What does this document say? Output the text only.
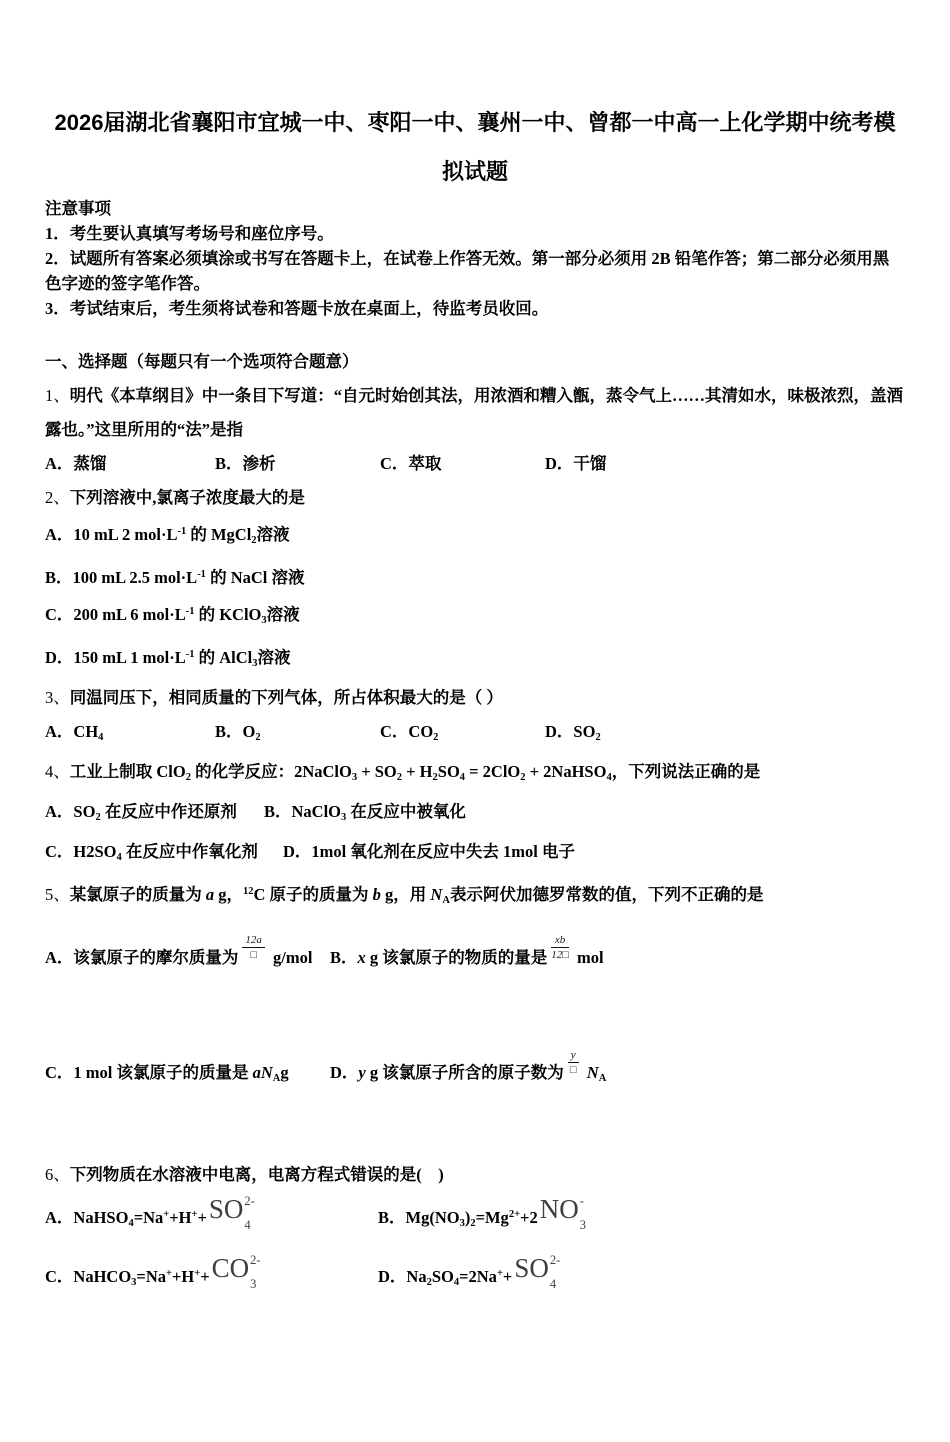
2026届湖北省襄阳市宜城一中、枣阳一中、襄州一中、曾都一中高一上化学期中统考模拟试题
注意事项
1．考生要认真填写考场号和座位序号。
2．试题所有答案必须填涂或书写在答题卡上，在试卷上作答无效。第一部分必须用 2B 铅笔作答；第二部分必须用黑色字迹的签字笔作答。
3．考试结束后，考生须将试卷和答题卡放在桌面上，待监考员收回。
一、选择题（每题只有一个选项符合题意）
1、明代《本草纲目》中一条目下写道：“自元时始创其法，用浓酒和糟入甑，蒸令气上……其清如水，味极浓烈，盖酒露也。”这里所用的“法”是指
A．蒸馏	B．渗析	C．萃取	D．干馏
2、下列溶液中,氯离子浓度最大的是
A．10 mL 2 $mol\cdot L^{-1}$ 的 MgCl$_2$溶液
B．100 mL 2.5 $mol\cdot L^{-1}$ 的 NaCl 溶液
C．200 mL 6 $mol\cdot L^{-1}$ 的 KClO$_3$溶液
D．150 mL 1 $mol\cdot L^{-1}$ 的 AlCl$_3$溶液
3、同温同压下，相同质量的下列气体，所占体积最大的是（ ）
A．CH4	B．O2	C．CO2	D．SO2
4、工业上制取 ClO$_2$ 的化学反应：2NaClO$_3$ + $SO_2 + H_2SO_4 = 2ClO_2$ + 2NaHSO$_4$，下列说法正确的是
A．$SO_2$ 在反应中作还原剂 B．NaClO$_3$ 在反应中被氧化
C．$H2SO_4$ 在反应中作氧化剂 D．1mol 氧化剂在反应中失去 1mol 电子
5、某氯原子的质量为 a g，$^{12}$C 原子的质量为 b g，用 $N_A$表示阿伏加德罗常数的值，下列不正确的是
A．该氯原子的摩尔质量为 $\frac{12a}{□} g/mol$ B．x g 该氯原子的物质的量是 $\frac{xb}{12□}$ mol
C．1 mol 该氯原子的质量是 $aN_Ag$	D．y g 该氯原子所含的原子数为 $\frac{y}{□} N_A$
6、下列物质在水溶液中电离，电离方程式错误的是(　)
A．NaHSO$_4$=Na++H++ SO 2-
4	B．$Mg(NO_3)_2=Mg^{2+}+2$ NO -
3
C．NaHCO$_3$=Na++H++ CO 2-
3	D．$Na_2SO_4=2Na^++$ SO 2-
4
